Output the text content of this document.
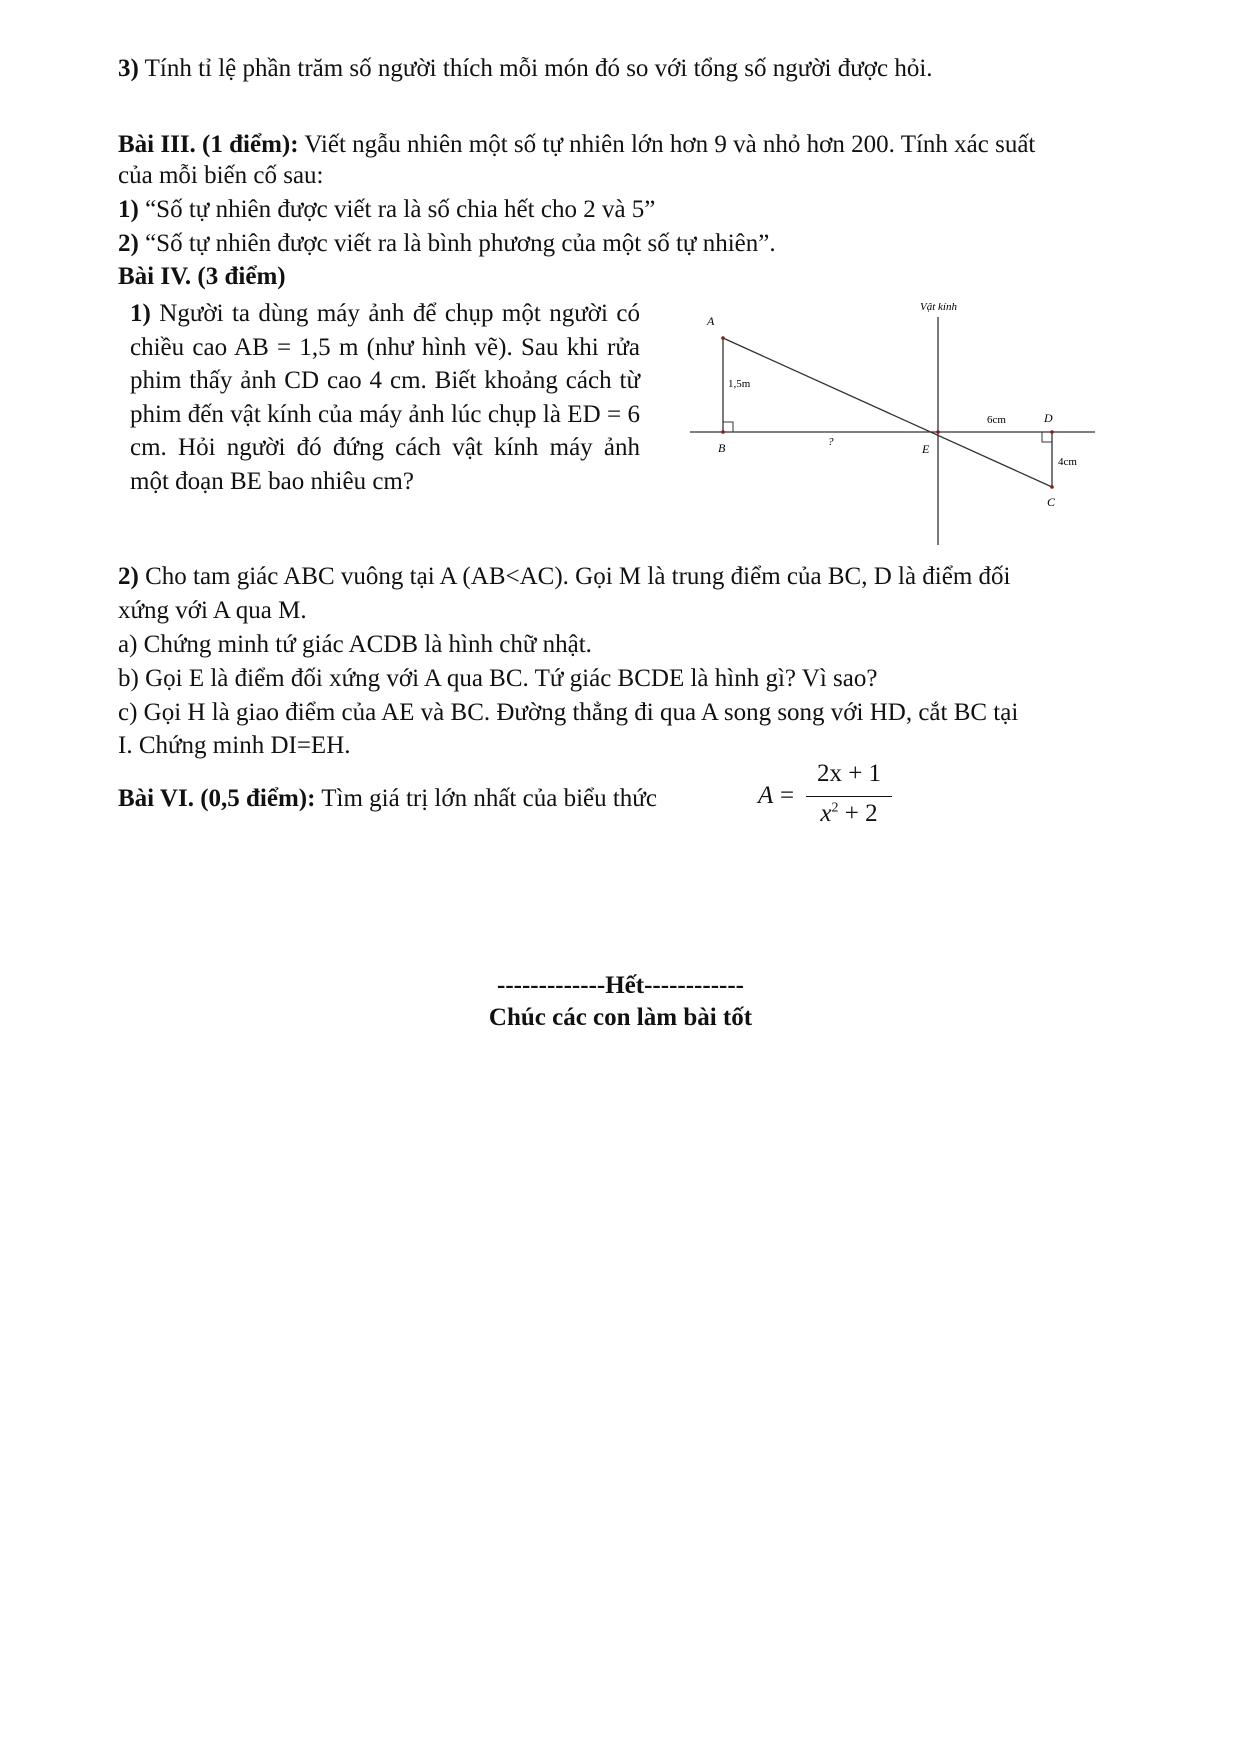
3) Tính tỉ lệ phần trăm số người thích mỗi món đó so với tổng số người được hỏi.
Bài III. (1 điểm): Viết ngẫu nhiên một số tự nhiên lớn hơn 9 và nhỏ hơn 200. Tính xác suất
của mỗi biến cố sau:
1) “Số tự nhiên được viết ra là số chia hết cho 2 và 5”
2) “Số tự nhiên được viết ra là bình phương của một số tự nhiên”.
Bài IV. (3 điểm)

1) Người ta dùng máy ảnh để chụp một người có chiều cao AB = 1,5 m (như hình vẽ). Sau khi rửa phim thấy ảnh CD cao 4 cm. Biết khoảng cách từ phim đến vật kính của máy ảnh lúc chụp là ED = 6 cm. Hỏi người đó đứng cách vật kính máy ảnh một đoạn BE bao nhiêu cm?

Vật kính
A
B	E
D
C
1,5m
?
6cm
4cm
2) Cho tam giác ABC vuông tại A (AB<AC). Gọi M là trung điểm của BC, D là điểm đối
xứng với A qua M.
a) Chứng minh tứ giác ACDB là hình chữ nhật.
b) Gọi E là điểm đối xứng với A qua BC. Tứ giác BCDE là hình gì? Vì sao?
c) Gọi H là giao điểm của AE và BC. Đường thẳng đi qua A song song với HD, cắt BC tại
I. Chứng minh DI=EH.
Bài VI. (0,5 điểm): Tìm giá trị lớn nhất của biểu thức	A =
2x + 1
$x^2 + 2$
-------------Hết------------
Chúc các con làm bài tốt
